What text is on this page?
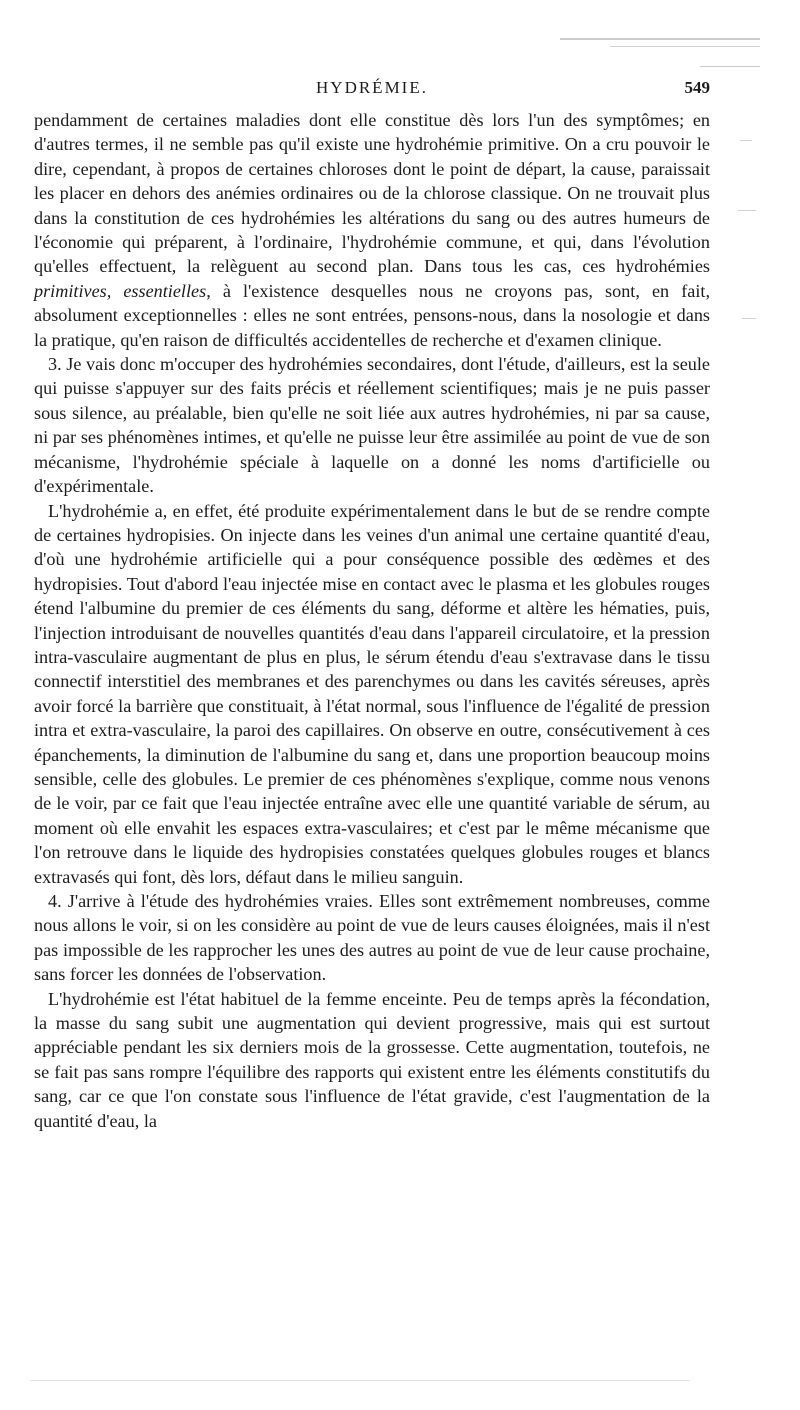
HYDRÉMIE.	549

pendamment de certaines maladies dont elle constitue dès lors l'un des symptômes; en d'autres termes, il ne semble pas qu'il existe une hydrohémie primitive. On a cru pouvoir le dire, cependant, à propos de certaines chloroses dont le point de départ, la cause, paraissait les placer en dehors des anémies ordinaires ou de la chlorose classique. On ne trouvait plus dans la constitution de ces hydrohémies les altérations du sang ou des autres humeurs de l'économie qui préparent, à l'ordinaire, l'hydrohémie commune, et qui, dans l'évolution qu'elles effectuent, la relèguent au second plan. Dans tous les cas, ces hydrohémies primitives, essentielles, à l'existence desquelles nous ne croyons pas, sont, en fait, absolument exceptionnelles : elles ne sont entrées, pensons-nous, dans la nosologie et dans la pratique, qu'en raison de difficultés accidentelles de recherche et d'examen clinique.

3. Je vais donc m'occuper des hydrohémies secondaires, dont l'étude, d'ailleurs, est la seule qui puisse s'appuyer sur des faits précis et réellement scientifiques; mais je ne puis passer sous silence, au préalable, bien qu'elle ne soit liée aux autres hydrohémies, ni par sa cause, ni par ses phénomènes intimes, et qu'elle ne puisse leur être assimilée au point de vue de son mécanisme, l'hydrohémie spéciale à laquelle on a donné les noms d'artificielle ou d'expérimentale.

L'hydrohémie a, en effet, été produite expérimentalement dans le but de se rendre compte de certaines hydropisies. On injecte dans les veines d'un animal une certaine quantité d'eau, d'où une hydrohémie artificielle qui a pour conséquence possible des œdèmes et des hydropisies. Tout d'abord l'eau injectée mise en contact avec le plasma et les globules rouges étend l'albumine du premier de ces éléments du sang, déforme et altère les hématies, puis, l'injection introduisant de nouvelles quantités d'eau dans l'appareil circulatoire, et la pression intra-vasculaire augmentant de plus en plus, le sérum étendu d'eau s'extravase dans le tissu connectif interstitiel des membranes et des parenchymes ou dans les cavités séreuses, après avoir forcé la barrière que constituait, à l'état normal, sous l'influence de l'égalité de pression intra et extra-vasculaire, la paroi des capillaires. On observe en outre, consécutivement à ces épanchements, la diminution de l'albumine du sang et, dans une proportion beaucoup moins sensible, celle des globules. Le premier de ces phénomènes s'explique, comme nous venons de le voir, par ce fait que l'eau injectée entraîne avec elle une quantité variable de sérum, au moment où elle envahit les espaces extra-vasculaires; et c'est par le même mécanisme que l'on retrouve dans le liquide des hydropisies constatées quelques globules rouges et blancs extravasés qui font, dès lors, défaut dans le milieu sanguin.

4. J'arrive à l'étude des hydrohémies vraies. Elles sont extrêmement nombreuses, comme nous allons le voir, si on les considère au point de vue de leurs causes éloignées, mais il n'est pas impossible de les rapprocher les unes des autres au point de vue de leur cause prochaine, sans forcer les données de l'observation.

L'hydrohémie est l'état habituel de la femme enceinte. Peu de temps après la fécondation, la masse du sang subit une augmentation qui devient progressive, mais qui est surtout appréciable pendant les six derniers mois de la grossesse. Cette augmentation, toutefois, ne se fait pas sans rompre l'équilibre des rapports qui existent entre les éléments constitutifs du sang, car ce que l'on constate sous l'influence de l'état gravide, c'est l'augmentation de la quantité d'eau, la
